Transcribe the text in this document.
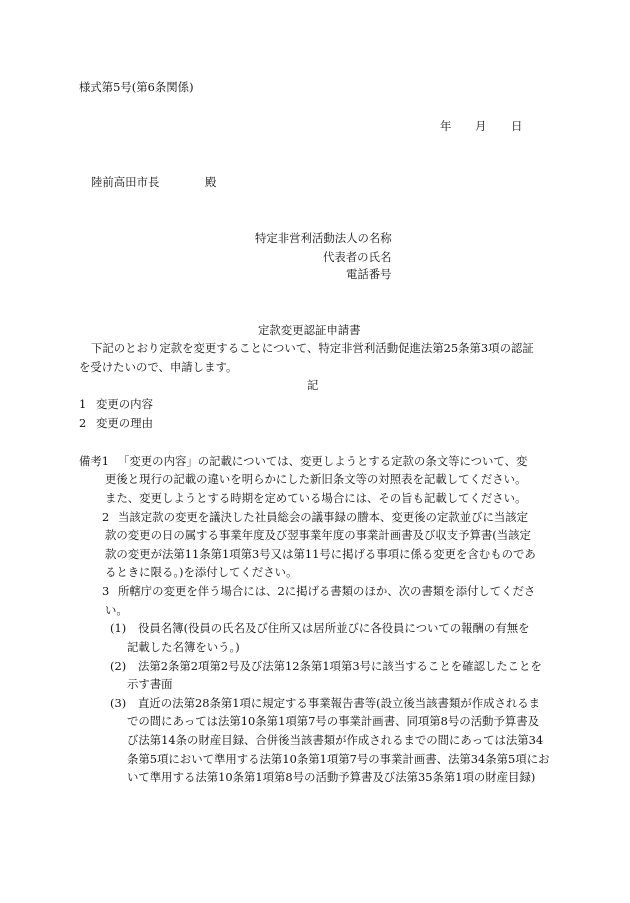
様式第5号(第6条関係)
年 月 日
陸前高田市長	殿
特定非営利活動法人の名称
代表者の氏名
電話番号
定款変更認証申請書
下記のとおり定款を変更することについて、特定非営利活動促進法第25条第3項の認証
を受けたいので、申請します。
記
1 変更の内容
2 変更の理由
備考1 「変更の内容」の記載については、変更しようとする定款の条文等について、変
更後と現行の記載の違いを明らかにした新旧条文等の対照表を記載してください。
また、変更しようとする時期を定めている場合には、その旨も記載してください。
2 当該定款の変更を議決した社員総会の議事録の謄本、変更後の定款並びに当該定
款の変更の日の属する事業年度及び翌事業年度の事業計画書及び収支予算書(当該定
款の変更が法第11条第1項第3号又は第11号に掲げる事項に係る変更を含むものであ
るときに限る。)を添付してください。
3 所轄庁の変更を伴う場合には、2に掲げる書類のほか、次の書類を添付してくださ
い。
(1) 役員名簿(役員の氏名及び住所又は居所並びに各役員についての報酬の有無を
記載した名簿をいう。)
(2) 法第2条第2項第2号及び法第12条第1項第3号に該当することを確認したことを
示す書面
(3) 直近の法第28条第1項に規定する事業報告書等(設立後当該書類が作成されるま
での間にあっては法第10条第1項第7号の事業計画書、同項第8号の活動予算書及
び法第14条の財産目録、合併後当該書類が作成されるまでの間にあっては法第34
条第5項において準用する法第10条第1項第7号の事業計画書、法第34条第5項にお
いて準用する法第10条第1項第8号の活動予算書及び法第35条第1項の財産目録)
